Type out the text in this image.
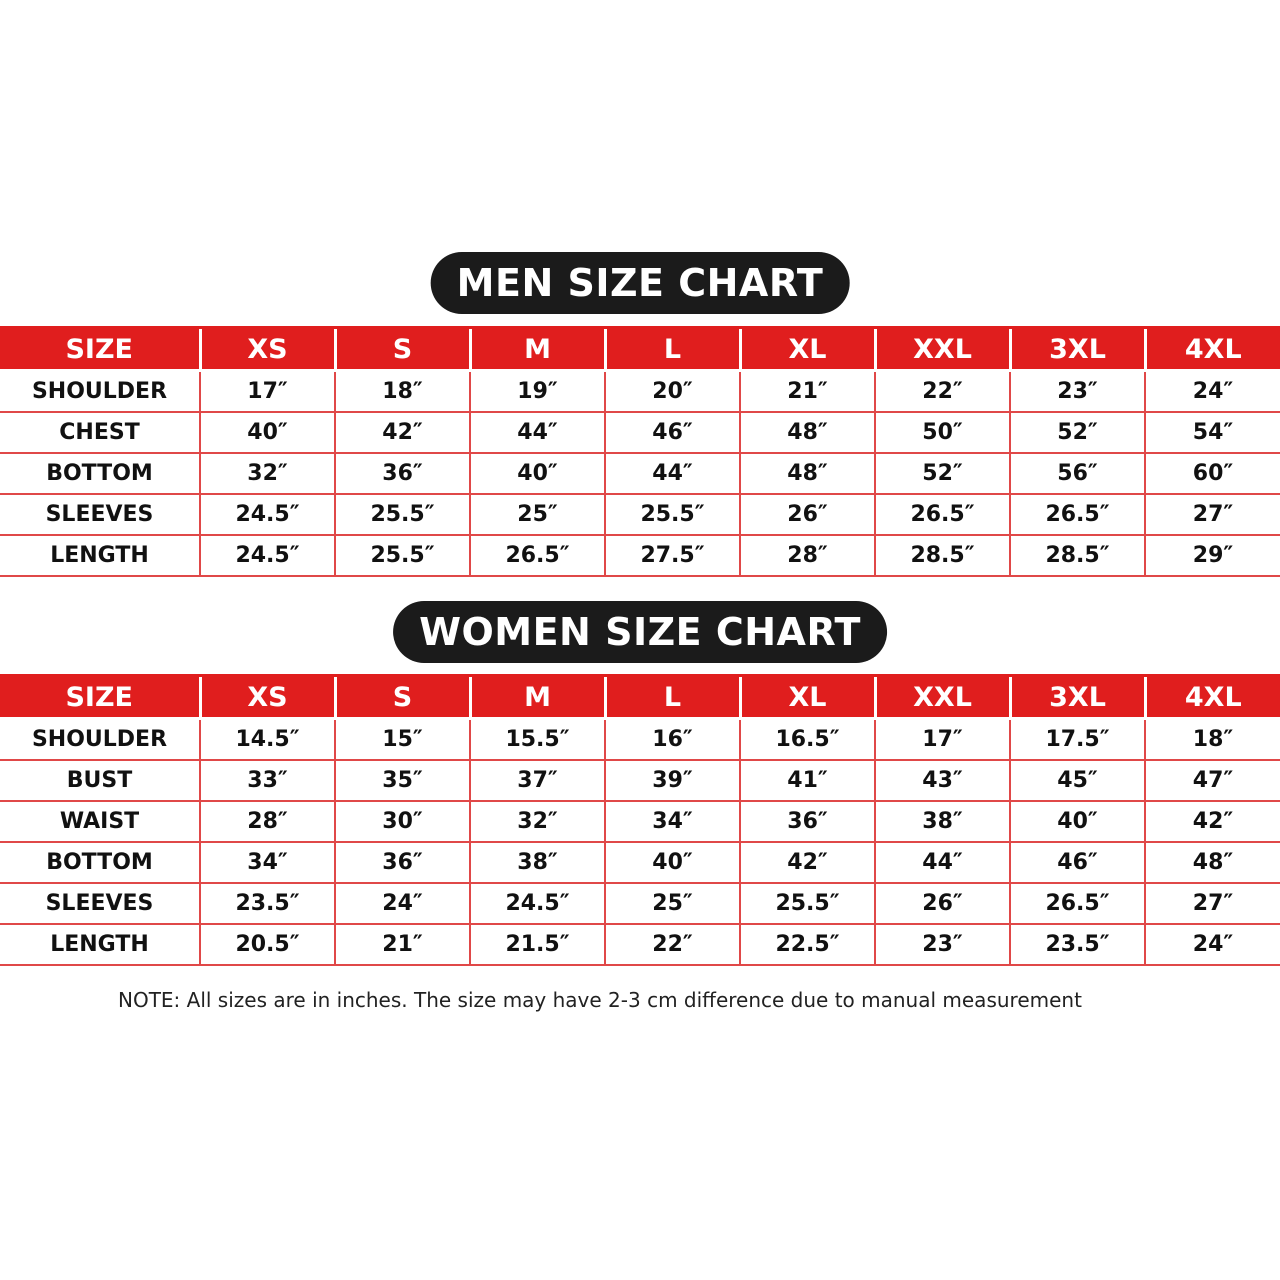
MEN SIZE CHART
SIZE	XS	S	M	L	XL	XXL	3XL	4XL
SHOULDER	17″	18″	19″	20″	21″	22″	23″	24″
CHEST	40″	42″	44″	46″	48″	50″	52″	54″
BOTTOM	32″	36″	40″	44″	48″	52″	56″	60″
SLEEVES	24.5″	25.5″	25″	25.5″	26″	26.5″	26.5″	27″
LENGTH	24.5″	25.5″	26.5″	27.5″	28″	28.5″	28.5″	29″
WOMEN SIZE CHART
SIZE	XS	S	M	L	XL	XXL	3XL	4XL
SHOULDER	14.5″	15″	15.5″	16″	16.5″	17″	17.5″	18″
BUST	33″	35″	37″	39″	41″	43″	45″	47″
WAIST	28″	30″	32″	34″	36″	38″	40″	42″
BOTTOM	34″	36″	38″	40″	42″	44″	46″	48″
SLEEVES	23.5″	24″	24.5″	25″	25.5″	26″	26.5″	27″
LENGTH	20.5″	21″	21.5″	22″	22.5″	23″	23.5″	24″
NOTE: All sizes are in inches. The size may have 2-3 cm difference due to manual measurement
